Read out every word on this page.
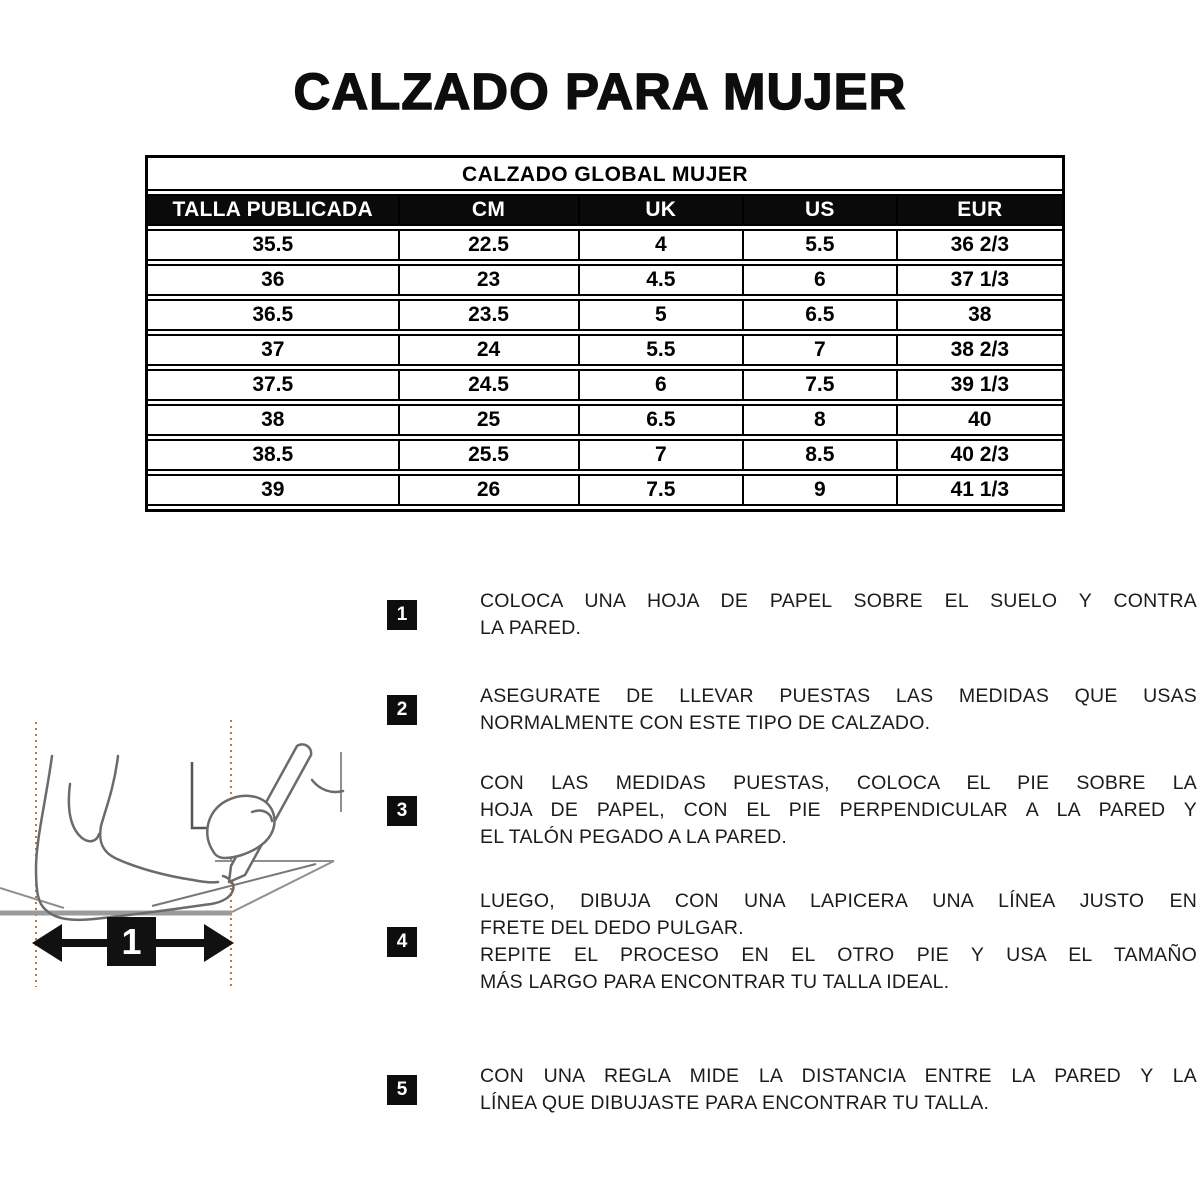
CALZADO PARA MUJER
CALZADO GLOBAL MUJER				
TALLA PUBLICADA	CM	UK	US	EUR
35.5	22.5	4	5.5	36 2/3
36	23	4.5	6	37 1/3
36.5	23.5	5	6.5	38
37	24	5.5	7	38 2/3
37.5	24.5	6	7.5	39 1/3
38	25	6.5	8	40
38.5	25.5	7	8.5	40 2/3
39	26	7.5	9	41 1/3
1
COLOCA UNA HOJA DE PAPEL SOBRE EL SUELO Y CONTRA
LA PARED.
2
ASEGURATE DE LLEVAR PUESTAS LAS MEDIDAS QUE USAS
NORMALMENTE CON ESTE TIPO DE CALZADO.
3
CON LAS MEDIDAS PUESTAS, COLOCA EL PIE SOBRE LA
HOJA DE PAPEL, CON EL PIE PERPENDICULAR A LA PARED Y
EL TALÓN PEGADO A LA PARED.
4
LUEGO, DIBUJA CON UNA LAPICERA UNA LÍNEA JUSTO EN
FRETE DEL DEDO PULGAR.
REPITE EL PROCESO EN EL OTRO PIE Y USA EL TAMAÑO
MÁS LARGO PARA ENCONTRAR TU TALLA IDEAL.
5
CON UNA REGLA MIDE LA DISTANCIA ENTRE LA PARED Y LA
LÍNEA QUE DIBUJASTE PARA ENCONTRAR TU TALLA.
1
